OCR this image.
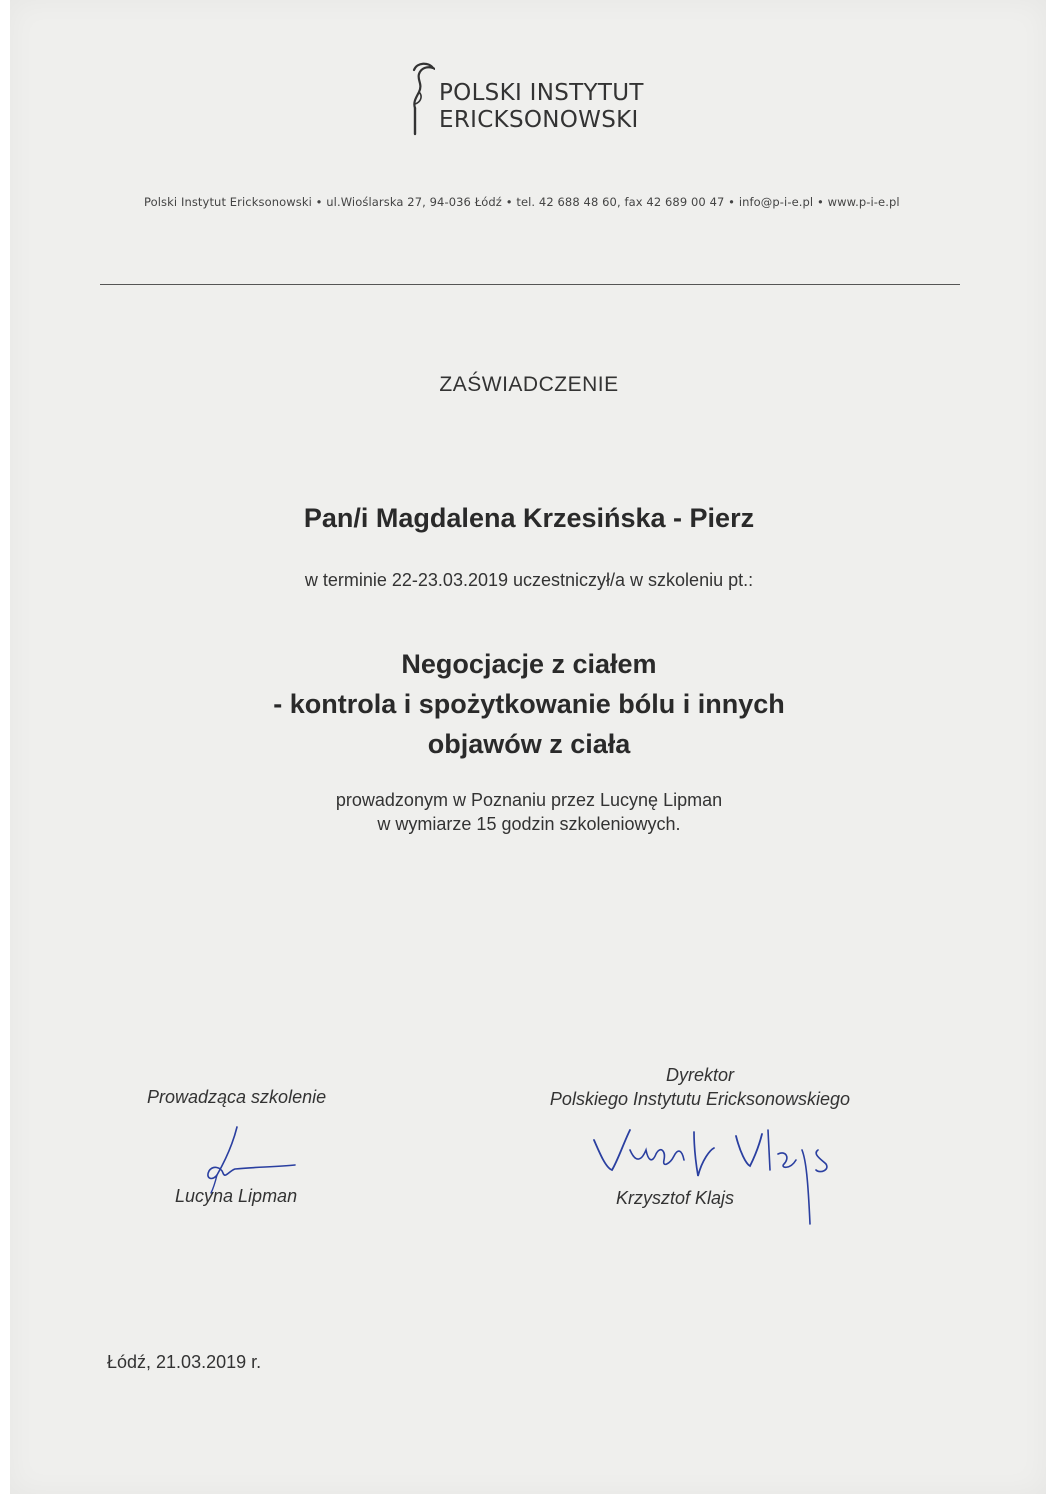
POLSKI INSTYTUT
ERICKSONOWSKI
Polski Instytut Ericksonowski • ul.Wioślarska 27, 94-036 Łódź • tel. 42 688 48 60, fax 42 689 00 47 • info@p-i-e.pl • www.p-i-e.pl
ZAŚWIADCZENIE
Pan/i Magdalena Krzesińska - Pierz
w terminie 22-23.03.2019 uczestniczył/a w szkoleniu pt.:
Negocjacje z ciałem
- kontrola i spożytkowanie bólu i innych
objawów z ciała
prowadzonym w Poznaniu przez Lucynę Lipman
w wymiarze 15 godzin szkoleniowych.
Prowadząca szkolenie
Lucyna Lipman
Dyrektor
Polskiego Instytutu Ericksonowskiego
Krzysztof Klajs
Łódź, 21.03.2019 r.
